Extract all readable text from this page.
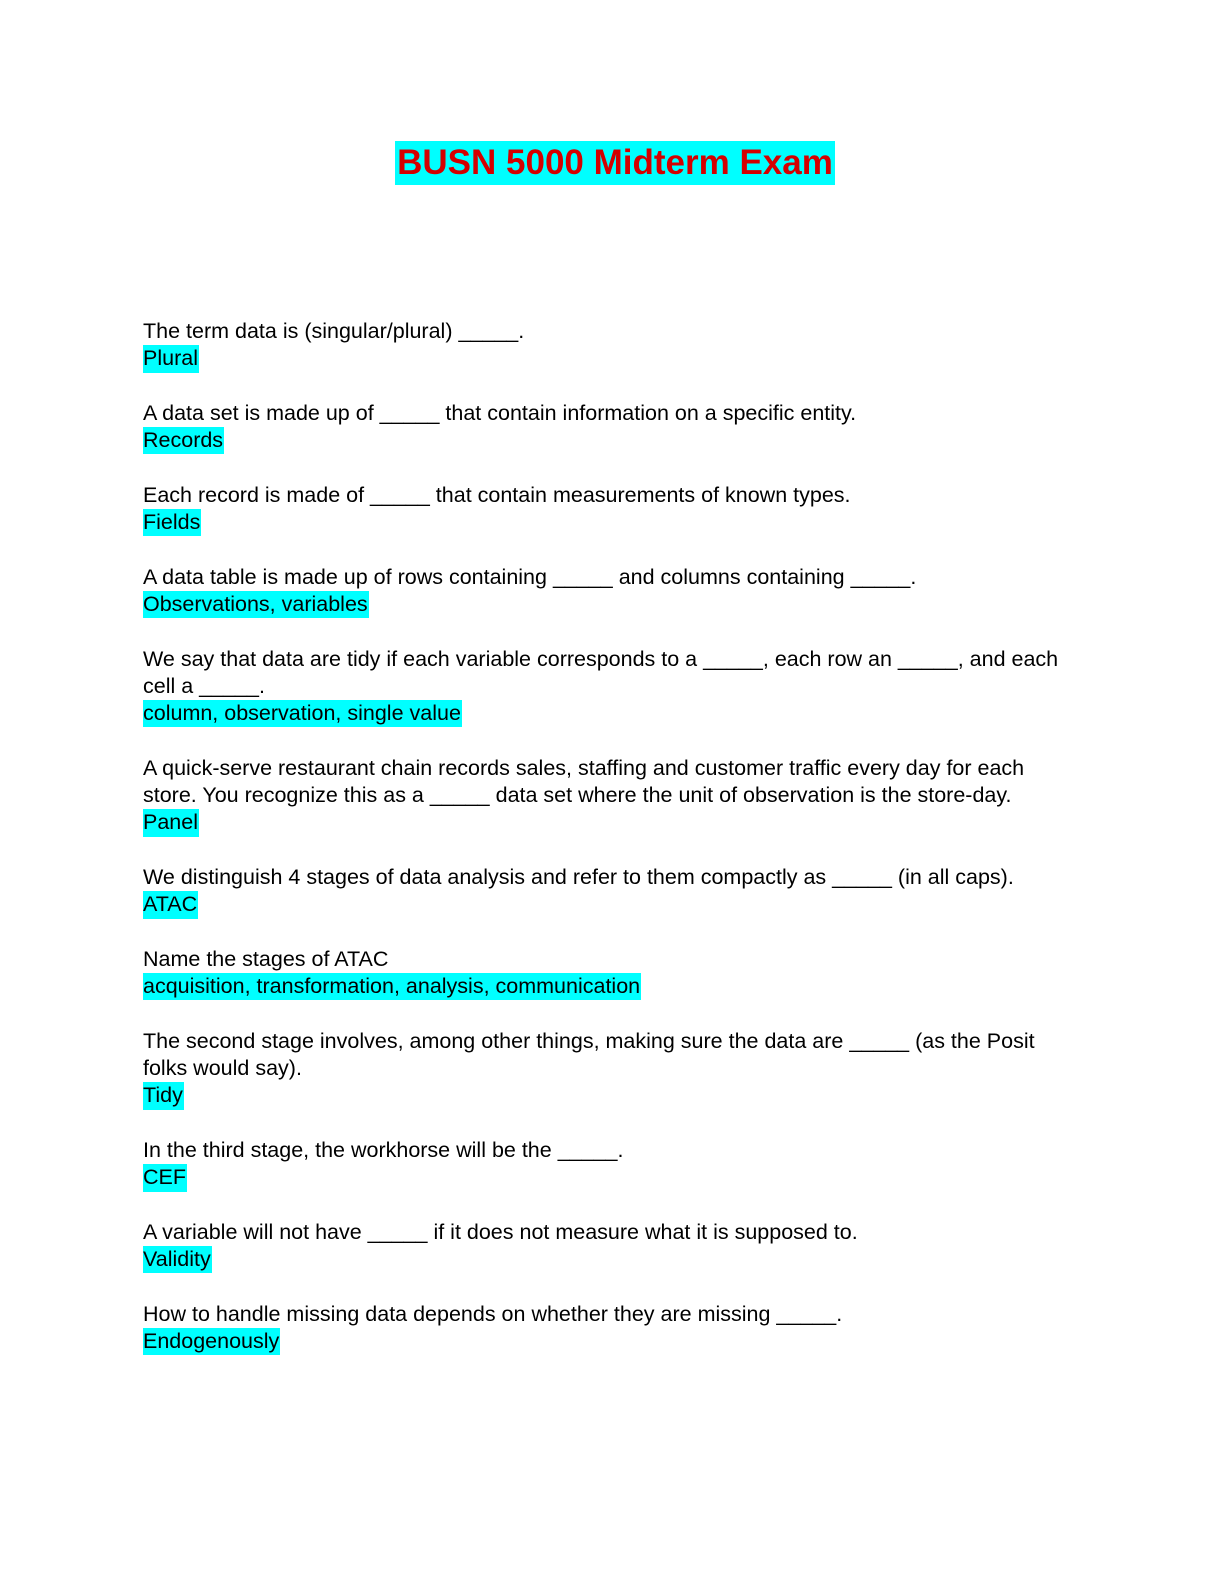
BUSN 5000 Midterm Exam
The term data is (singular/plural) _____.
Plural
A data set is made up of _____ that contain information on a specific entity.
Records
Each record is made of _____ that contain measurements of known types.
Fields
A data table is made up of rows containing _____ and columns containing _____.
Observations, variables
We say that data are tidy if each variable corresponds to a _____, each row an _____, and each cell a _____.
column, observation, single value
A quick-serve restaurant chain records sales, staffing and customer traffic every day for each store. You recognize this as a _____ data set where the unit of observation is the store-day.
Panel
We distinguish 4 stages of data analysis and refer to them compactly as _____ (in all caps).
ATAC
Name the stages of ATAC
acquisition, transformation, analysis, communication
The second stage involves, among other things, making sure the data are _____ (as the Posit folks would say).
Tidy
In the third stage, the workhorse will be the _____.
CEF
A variable will not have _____ if it does not measure what it is supposed to.
Validity
How to handle missing data depends on whether they are missing _____.
Endogenously
